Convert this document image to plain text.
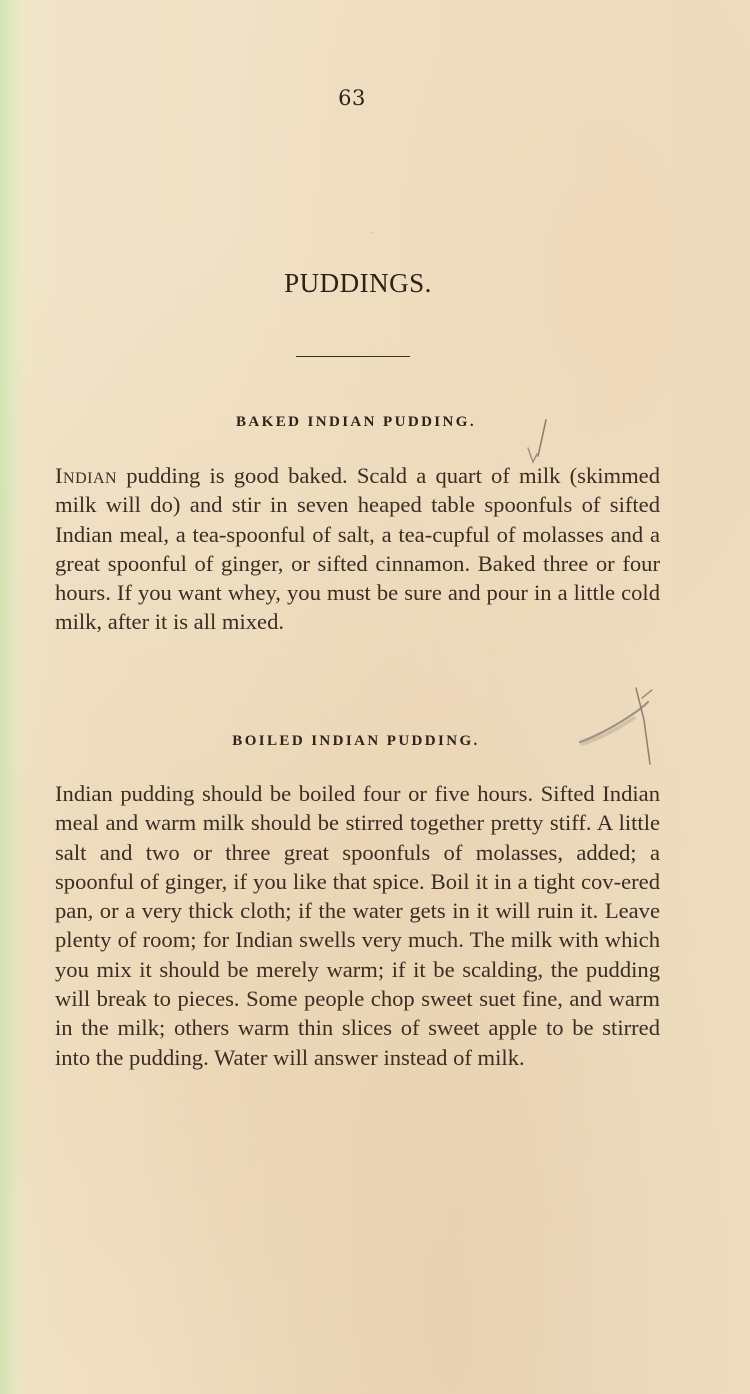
63
·
PUDDINGS.
BAKED INDIAN PUDDING.
Indian pudding is good baked. Scald a quart of milk (skimmed milk will do) and stir in seven heaped table spoonfuls of sifted Indian meal, a tea-spoonful of salt, a tea-cupful of molasses and a great spoonful of ginger, or sifted cinnamon. Baked three or four hours. If you want whey, you must be sure and pour in a little cold milk, after it is all mixed.
BOILED INDIAN PUDDING.
Indian pudding should be boiled four or five hours. Sifted Indian meal and warm milk should be stirred together pretty stiff. A little salt and two or three great spoonfuls of molasses, added; a spoonful of ginger, if you like that spice. Boil it in a tight cov-ered pan, or a very thick cloth; if the water gets in it will ruin it. Leave plenty of room; for Indian swells very much. The milk with which you mix it should be merely warm; if it be scalding, the pudding will break to pieces. Some people chop sweet suet fine, and warm in the milk; others warm thin slices of sweet apple to be stirred into the pudding. Water will answer instead of milk.
